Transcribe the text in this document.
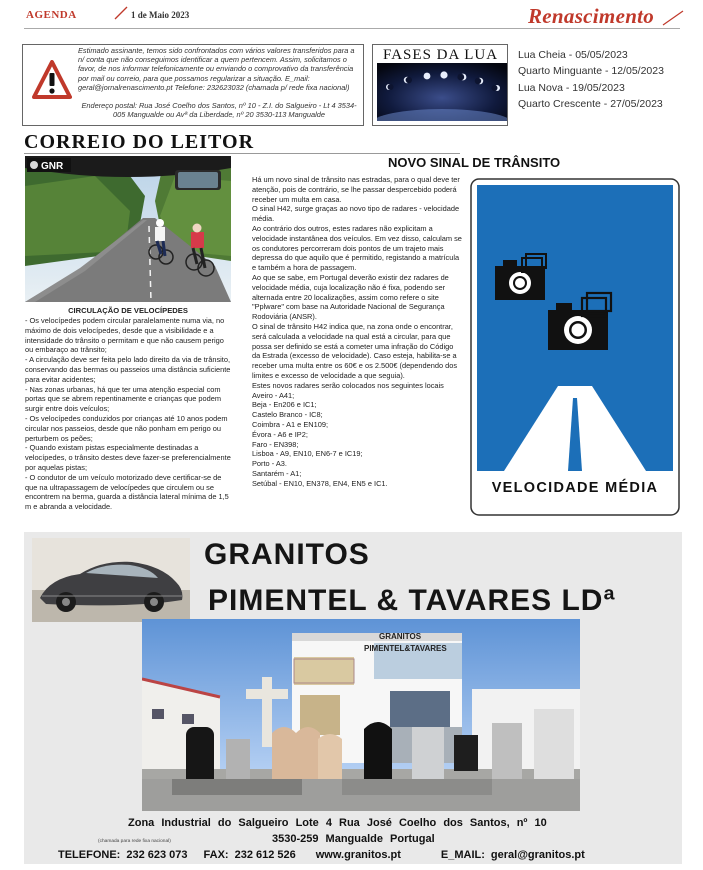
AGENDA	1 de Maio 2023	Renascimento
Estimado assinante, temos sido confrontados com vários valores transferidos para a n/ conta que não conseguimos identificar a quem pertencem. Assim, solicitamos o favor, de nos informar telefonicamente ou enviando o comprovativo da transferência por mail ou correio, para que possamos regularizar a situação. E_mail: geral@jornalrenascimento.pt Telefone: 232623032 (chamada p/ rede fixa nacional)
Endereço postal: Rua José Coelho dos Santos, nº 10 - Z.I. do Salgueiro - Lt 4 3534-005 Mangualde ou Avª da Liberdade, nº 20 3530-113 Mangualde
FASES DA LUA Lua Cheia - 05/05/2023
Quarto Minguante - 12/05/2023
Lua Nova - 19/05/2023
Quarto Crescente - 27/05/2023
CORREIO DO LEITOR
GNR
CIRCULAÇÃO DE VELOCÍPEDES
- Os velocípedes podem circular paralelamente numa via, no máximo de dois velocípedes, desde que a visibilidade e a intensidade do trânsito o permitam e que não causem perigo ou embaraço ao trânsito;
- A circulação deve ser feita pelo lado direito da via de trânsito, conservando das bermas ou passeios uma distância suficiente para evitar acidentes;
- Nas zonas urbanas, há que ter uma atenção especial com portas que se abrem repentinamente e crianças que podem surgir entre dois veículos;
- Os velocípedes conduzidos por crianças até 10 anos podem circular nos passeios, desde que não ponham em perigo ou perturbem os peões;
- Quando existam pistas especialmente destinadas a velocípedes, o trânsito destes deve fazer-se preferencialmente por aquelas pistas;
- O condutor de um veículo motorizado deve certificar-se de que na ultrapassagem de velocípedes que circulem ou se encontrem na berma, guarda a distância lateral mínima de 1,5 m e abranda a velocidade.
NOVO SINAL DE TRÂNSITO
Há um novo sinal de trânsito nas estradas, para o qual deve ter atenção, pois de contrário, se lhe passar despercebido poderá receber um multa em casa.
O sinal H42, surge graças ao novo tipo de radares - velocidade média.
Ao contrário dos outros, estes radares não explicitam a velocidade instantânea dos veículos. Em vez disso, calculam se os condutores percorreram dois pontos de um trajeto mais depressa do que aquilo que é permitido, registando a matrícula e também a hora de passagem.
Ao que se sabe, em Portugal deverão existir dez radares de velocidade média, cuja localização não é fixa, podendo ser alternada entre 20 localizações, assim como refere o site "Pplware" com base na Autoridade Nacional de Segurança Rodoviária (ANSR).
O sinal de trânsito H42 indica que, na zona onde o encontrar, será calculada a velocidade na qual está a circular, para que possa ser definido se está a cometer uma infração do Código da Estrada (excesso de velocidade). Caso esteja, habilita-se a receber uma multa entre os 60€ e os 2.500€ (dependendo dos limites e excesso de velocidade a que seguia).
Estes novos radares serão colocados nos seguintes locais
Aveiro - A41;
Beja - En206 e IC1;
Castelo Branco - IC8;
Coimbra - A1 e EN109;
Évora - A6 e IP2;
Faro - EN398;
Lisboa - A9, EN10, EN6-7 e IC19;
Porto - A3.
Santarém - A1;
Setúbal - EN10, EN378, EN4, EN5 e IC1.	VELOCIDADE MÉDIA
GRANITOS
PIMENTEL & TAVARES LDª
GRANITOS
PIMENTEL&TAVARES
Zona Industrial do Salgueiro Lote 4 Rua José Coelho dos Santos, nº 10
(chamada para rede fixa nacional)	3530-259 Mangualde Portugal
TELEFONE: 232 623 073 FAX: 232 612 526 www.granitos.pt	E_MAIL: geral@granitos.pt
